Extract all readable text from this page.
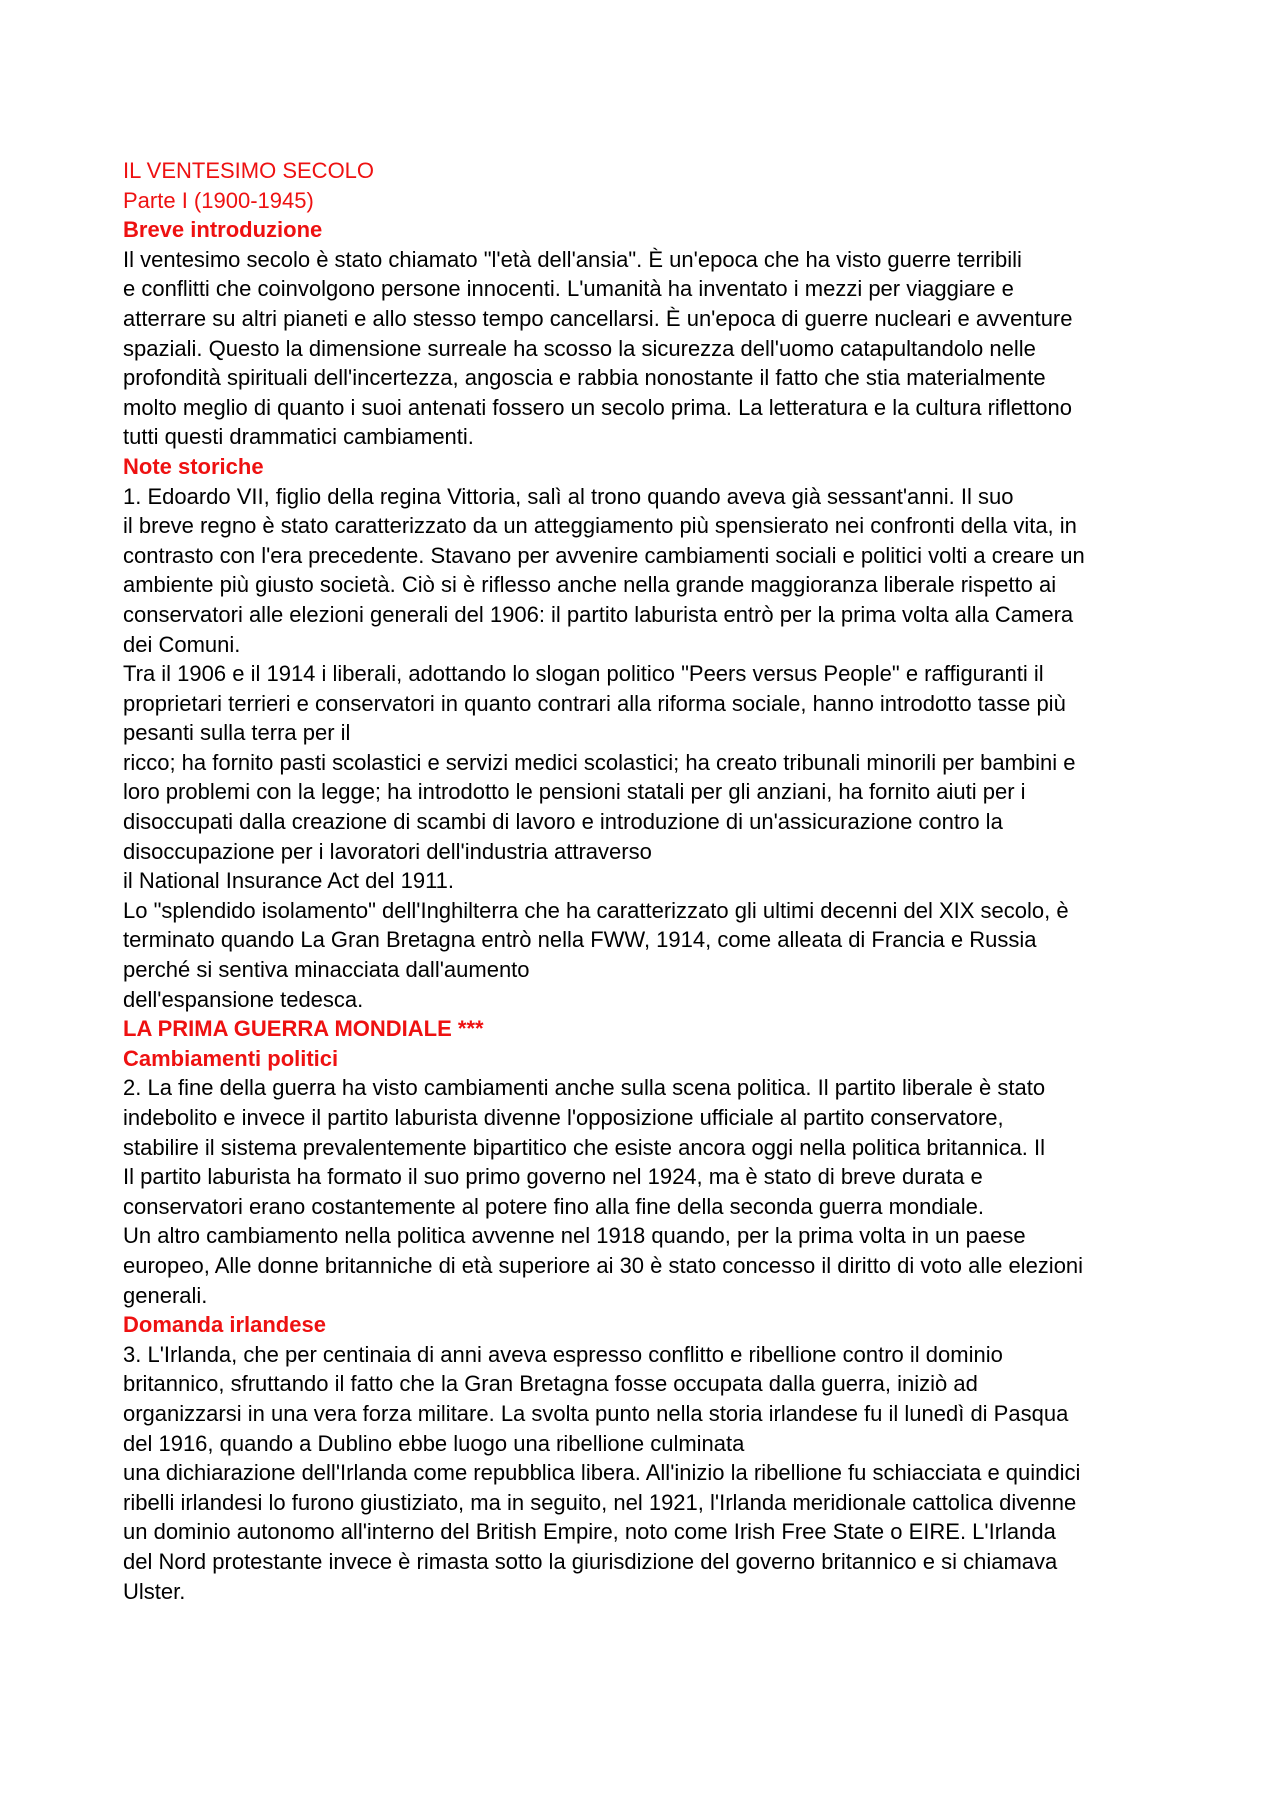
IL VENTESIMO SECOLO
Parte I (1900-1945)
Breve introduzione
Il ventesimo secolo è stato chiamato "l'età dell'ansia". È un'epoca che ha visto guerre terribili
e conflitti che coinvolgono persone innocenti. L'umanità ha inventato i mezzi per viaggiare e
atterrare su altri pianeti e allo stesso tempo cancellarsi. È un'epoca di guerre nucleari e avventure
spaziali. Questo la dimensione surreale ha scosso la sicurezza dell'uomo catapultandolo nelle
profondità spirituali dell'incertezza, angoscia e rabbia nonostante il fatto che stia materialmente
molto meglio di quanto i suoi antenati fossero un secolo prima. La letteratura e la cultura riflettono
tutti questi drammatici cambiamenti.
Note storiche
1. Edoardo VII, figlio della regina Vittoria, salì al trono quando aveva già sessant'anni. Il suo
il breve regno è stato caratterizzato da un atteggiamento più spensierato nei confronti della vita, in
contrasto con l'era precedente. Stavano per avvenire cambiamenti sociali e politici volti a creare un
ambiente più giusto società. Ciò si è riflesso anche nella grande maggioranza liberale rispetto ai
conservatori alle elezioni generali del 1906: il partito laburista entrò per la prima volta alla Camera
dei Comuni.
Tra il 1906 e il 1914 i liberali, adottando lo slogan politico "Peers versus People" e raffiguranti il
proprietari terrieri e conservatori in quanto contrari alla riforma sociale, hanno introdotto tasse più
pesanti sulla terra per il
ricco; ha fornito pasti scolastici e servizi medici scolastici; ha creato tribunali minorili per bambini e
loro problemi con la legge; ha introdotto le pensioni statali per gli anziani, ha fornito aiuti per i
disoccupati dalla creazione di scambi di lavoro e introduzione di un'assicurazione contro la
disoccupazione per i lavoratori dell'industria attraverso
il National Insurance Act del 1911.
Lo "splendido isolamento" dell'Inghilterra che ha caratterizzato gli ultimi decenni del XIX secolo, è
terminato quando La Gran Bretagna entrò nella FWW, 1914, come alleata di Francia e Russia
perché si sentiva minacciata dall'aumento
dell'espansione tedesca.
LA PRIMA GUERRA MONDIALE ***
Cambiamenti politici
2. La fine della guerra ha visto cambiamenti anche sulla scena politica. Il partito liberale è stato
indebolito e invece il partito laburista divenne l'opposizione ufficiale al partito conservatore,
stabilire il sistema prevalentemente bipartitico che esiste ancora oggi nella politica britannica. Il
Il partito laburista ha formato il suo primo governo nel 1924, ma è stato di breve durata e
conservatori erano costantemente al potere fino alla fine della seconda guerra mondiale.
Un altro cambiamento nella politica avvenne nel 1918 quando, per la prima volta in un paese
europeo, Alle donne britanniche di età superiore ai 30 è stato concesso il diritto di voto alle elezioni
generali.
Domanda irlandese
3. L'Irlanda, che per centinaia di anni aveva espresso conflitto e ribellione contro il dominio
britannico, sfruttando il fatto che la Gran Bretagna fosse occupata dalla guerra, iniziò ad
organizzarsi in una vera forza militare. La svolta punto nella storia irlandese fu il lunedì di Pasqua
del 1916, quando a Dublino ebbe luogo una ribellione culminata
una dichiarazione dell'Irlanda come repubblica libera. All'inizio la ribellione fu schiacciata e quindici
ribelli irlandesi lo furono giustiziato, ma in seguito, nel 1921, l'Irlanda meridionale cattolica divenne
un dominio autonomo all'interno del British Empire, noto come Irish Free State o EIRE. L'Irlanda
del Nord protestante invece è rimasta sotto la giurisdizione del governo britannico e si chiamava
Ulster.
